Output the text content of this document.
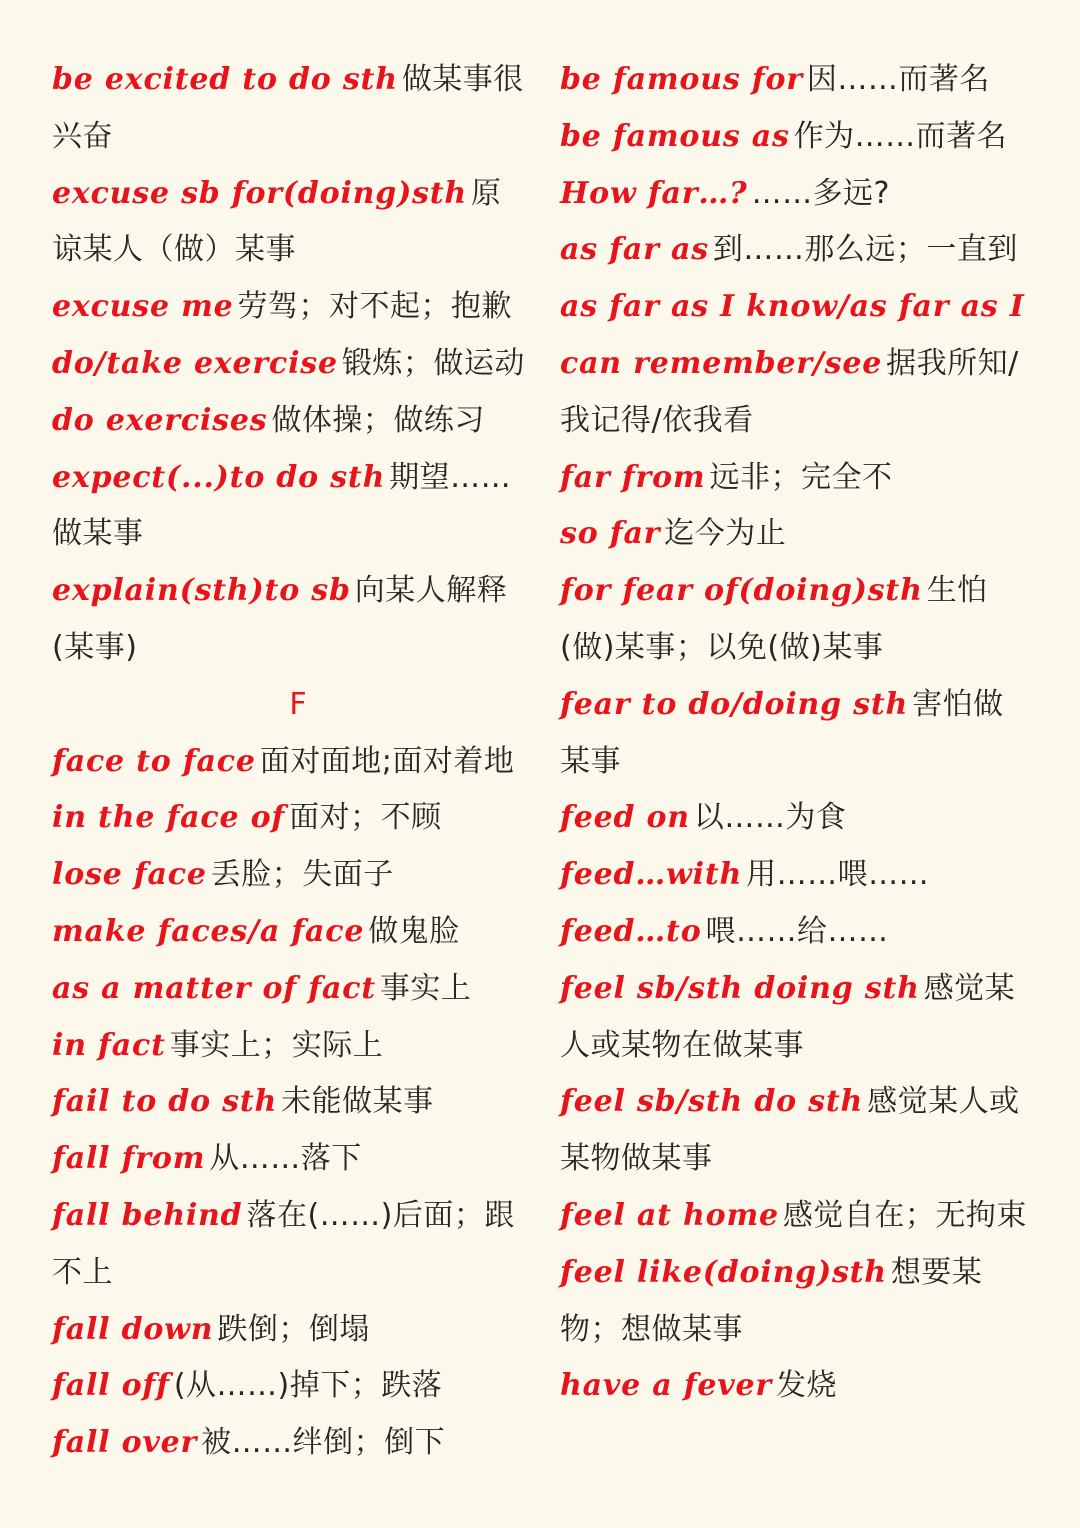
be excited to do sth 做某事很兴奋

excuse sb for(doing)sth 原谅某人（做）某事

excuse me 劳驾；对不起；抱歉

do/take exercise 锻炼；做运动

do exercises 做体操；做练习

expect(...)to do sth 期望……做某事

explain(sth)to sb 向某人解释(某事)

F

face to face 面对面地;面对着地

in the face of 面对；不顾

lose face 丢脸；失面子

make faces/a face 做鬼脸

as a matter of fact 事实上

in fact 事实上；实际上

fail to do sth 未能做某事

fall from 从……落下

fall behind 落在(……)后面；跟不上

fall down 跌倒；倒塌

fall off (从……)掉下；跌落

fall over 被……绊倒；倒下

be famous for 因……而著名

be famous as 作为……而著名

How far…? ……多远?

as far as 到……那么远；一直到

as far as I know/as far as I can remember/see 据我所知/我记得/依我看

far from 远非；完全不

so far 迄今为止

for fear of(doing)sth 生怕(做)某事；以免(做)某事

fear to do/doing sth 害怕做某事

feed on 以……为食

feed…with 用……喂……

feed…to 喂……给……

feel sb/sth doing sth 感觉某人或某物在做某事

feel sb/sth do sth 感觉某人或某物做某事

feel at home 感觉自在；无拘束

feel like(doing)sth 想要某物；想做某事

have a fever 发烧
